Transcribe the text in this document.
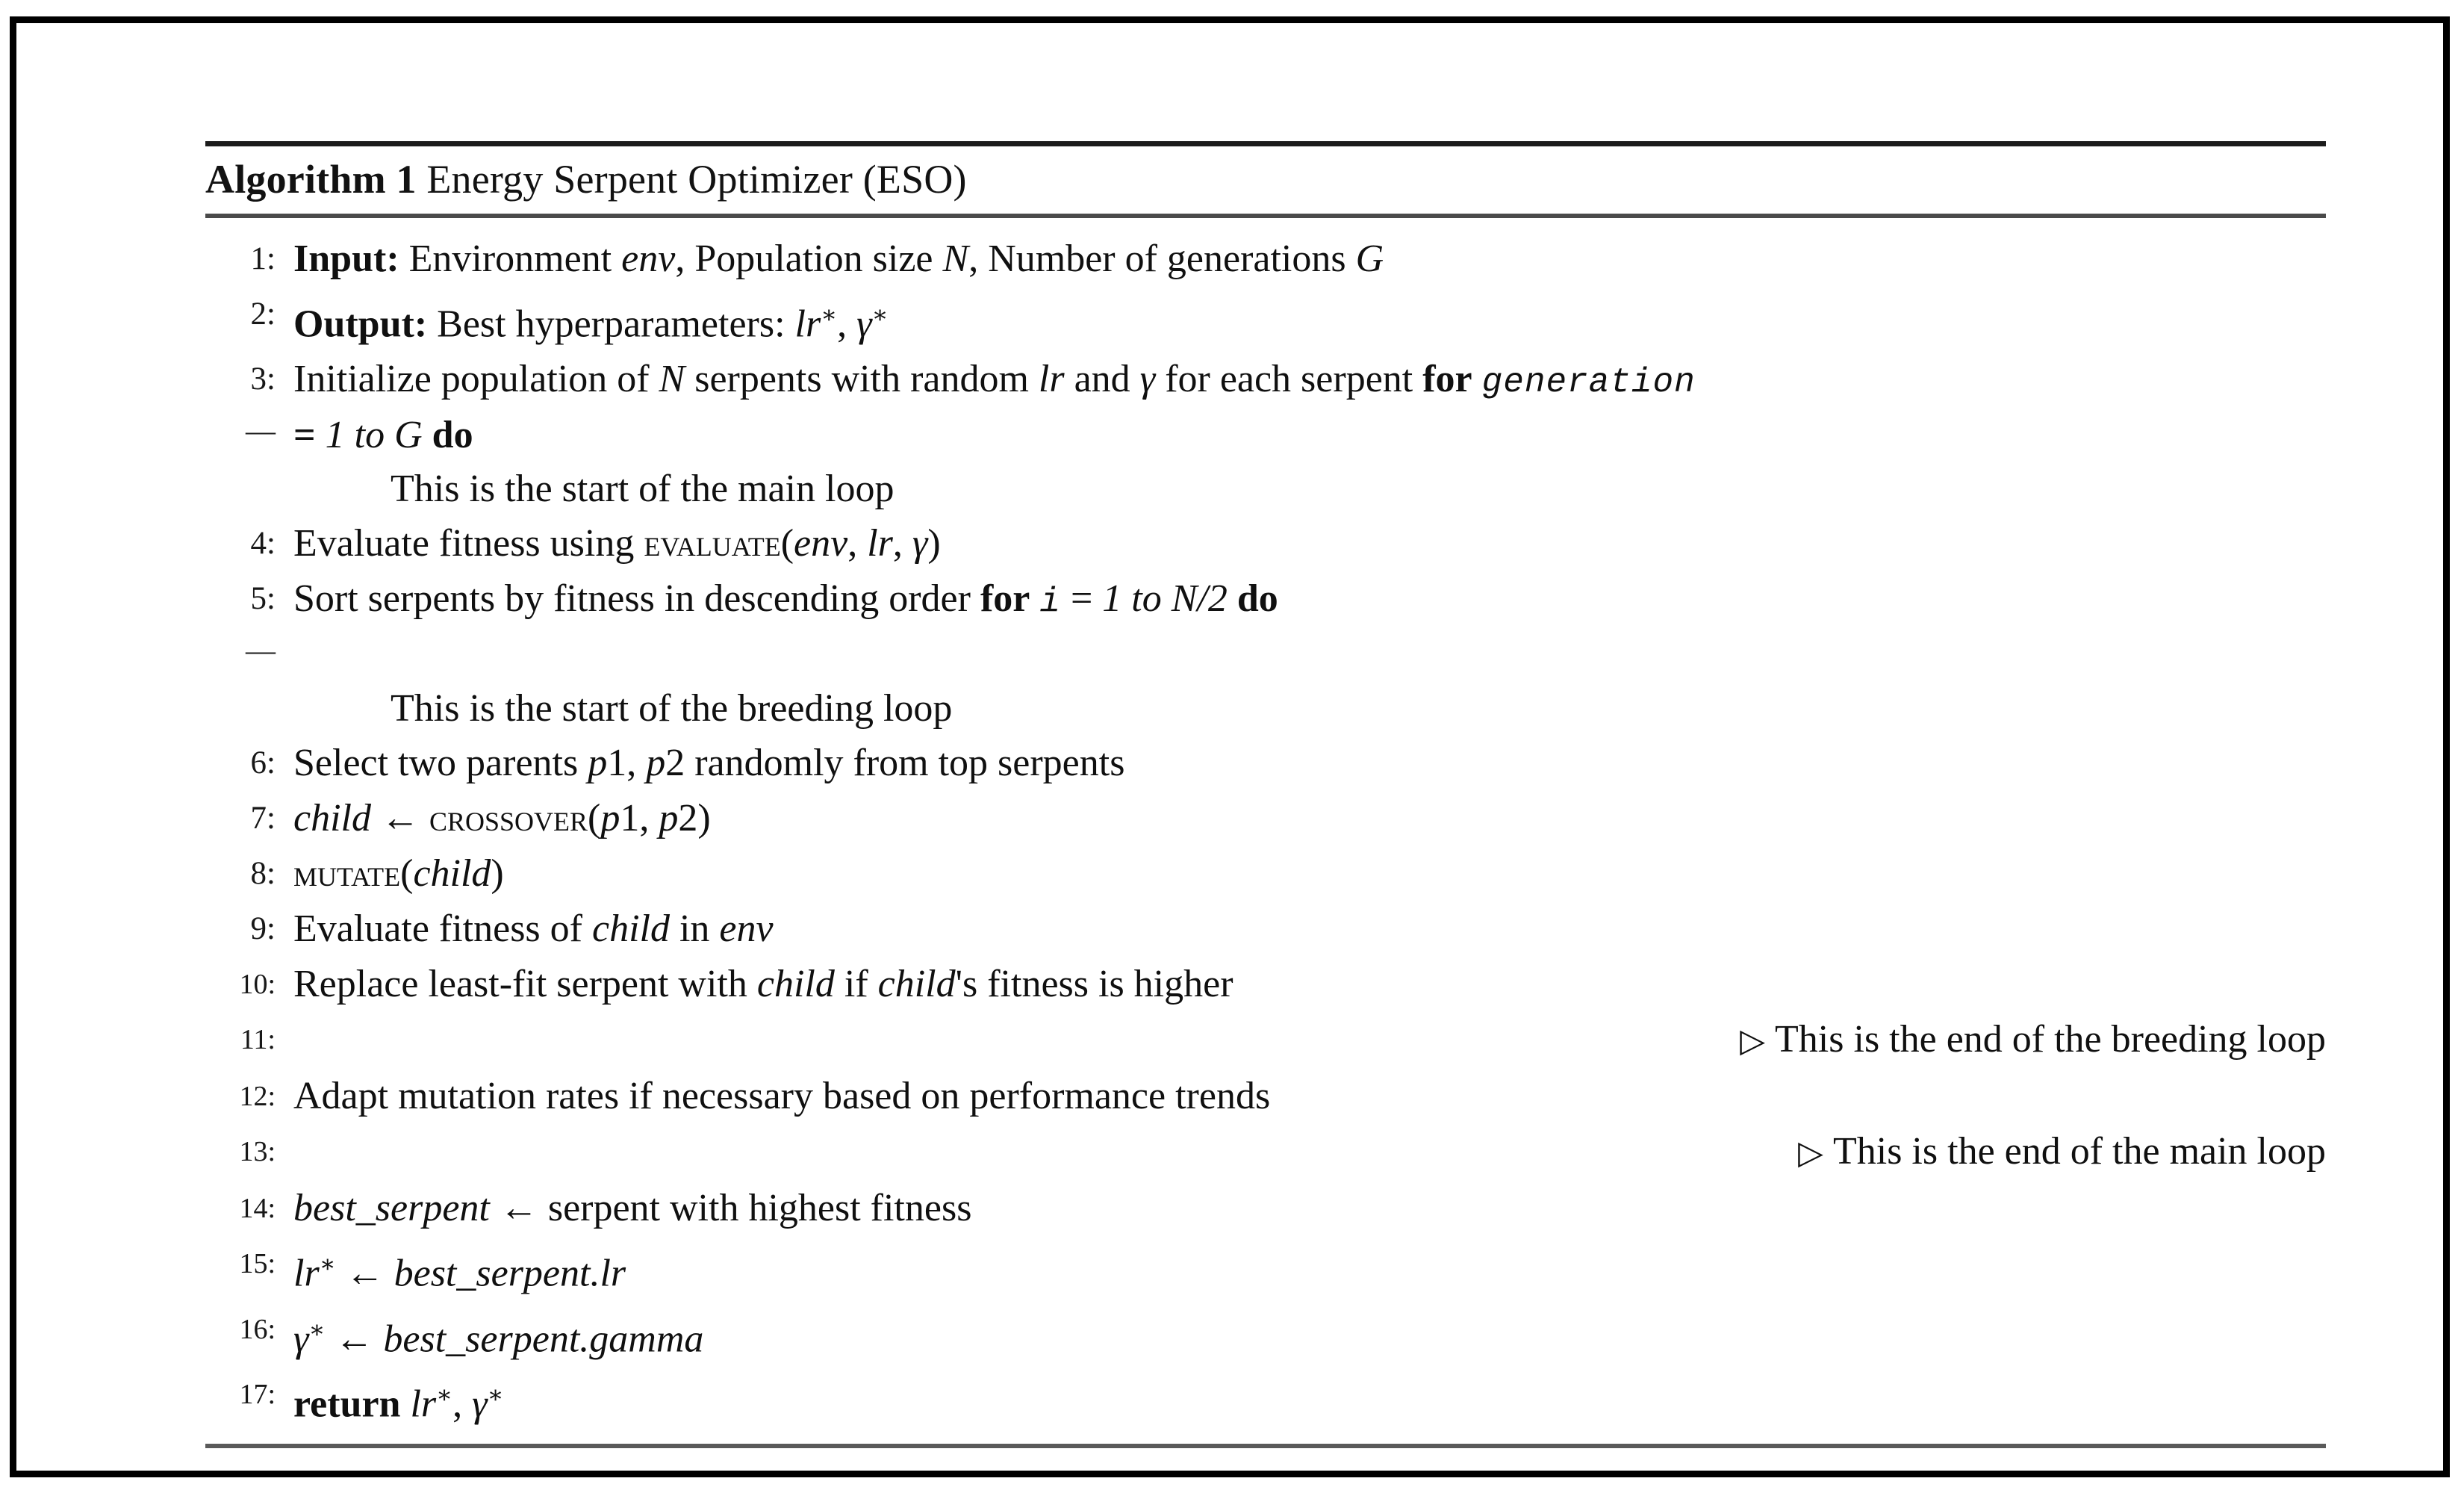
Algorithm 1 Energy Serpent Optimizer (ESO)
1: Input: Environment env, Population size N, Number of generations G
2: Output: Best hyperparameters: lr∗, γ∗
3: Initialize population of N serpents with random lr and γ for each serpent for generation
— = 1 to G do
This is the start of the main loop
4: Evaluate fitness using evaluate(env, lr, γ)
5: Sort serpents by fitness in descending order for i = 1 to N/2 do
—
This is the start of the breeding loop
6: Select two parents p1, p2 randomly from top serpents
7: child ← crossover(p1, p2)
8: mutate(child)
9: Evaluate fitness of child in env
10: Replace least-fit serpent with child if child's fitness is higher
11:	▷ This is the end of the breeding loop
12: Adapt mutation rates if necessary based on performance trends
13:	▷ This is the end of the main loop
14: best_serpent ← serpent with highest fitness
15: lr∗ ← best_serpent.lr
16: γ∗ ← best_serpent.gamma
17: return lr∗, γ∗
